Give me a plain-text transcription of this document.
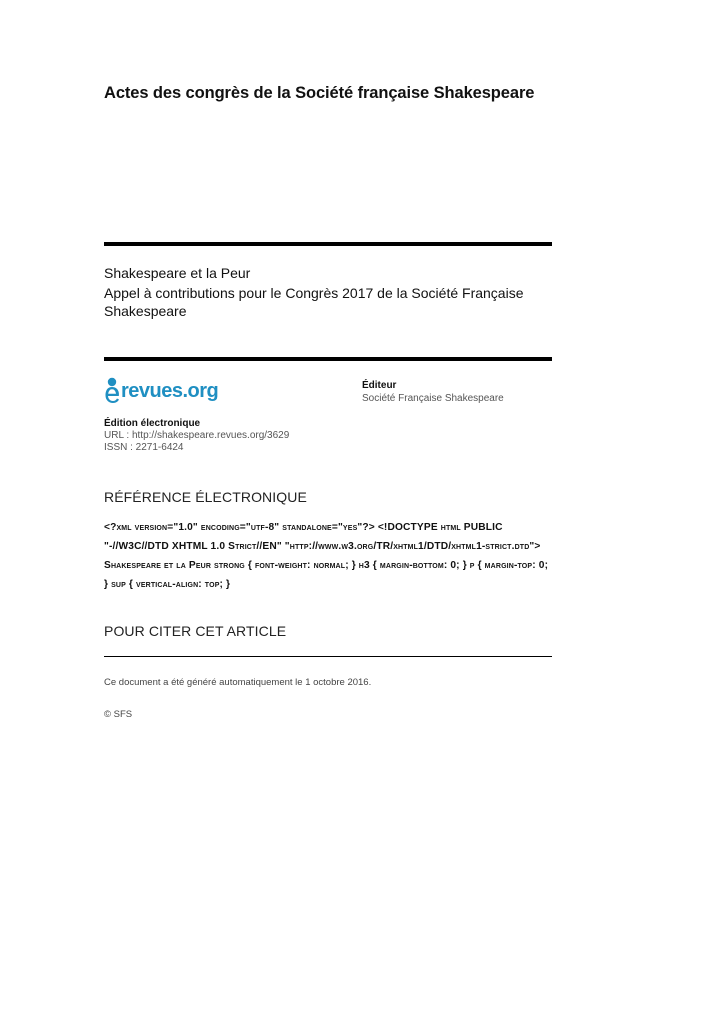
Actes des congrès de la Société française Shakespeare
Shakespeare et la Peur
Appel à contributions pour le Congrès 2017 de la Société Française Shakespeare
revues.org	Éditeur
Société Française Shakespeare
Édition électronique
URL : http://shakespeare.revues.org/3629
ISSN : 2271-6424
RÉFÉRENCE ÉLECTRONIQUE

<?xml version="1.0" encoding="utf-8" standalone="yes"?> <!DOCTYPE html PUBLIC "-//W3C//DTD XHTML 1.0 Strict//EN" "http://www.w3.org/TR/xhtml1/DTD/xhtml1-strict.dtd"> Shakespeare et la Peur strong { font-weight: normal; } h3 { margin-bottom: 0; } p { margin-top: 0; } sup { vertical-align: top; }

POUR CITER CET ARTICLE
Ce document a été généré automatiquement le 1 octobre 2016.
© SFS
